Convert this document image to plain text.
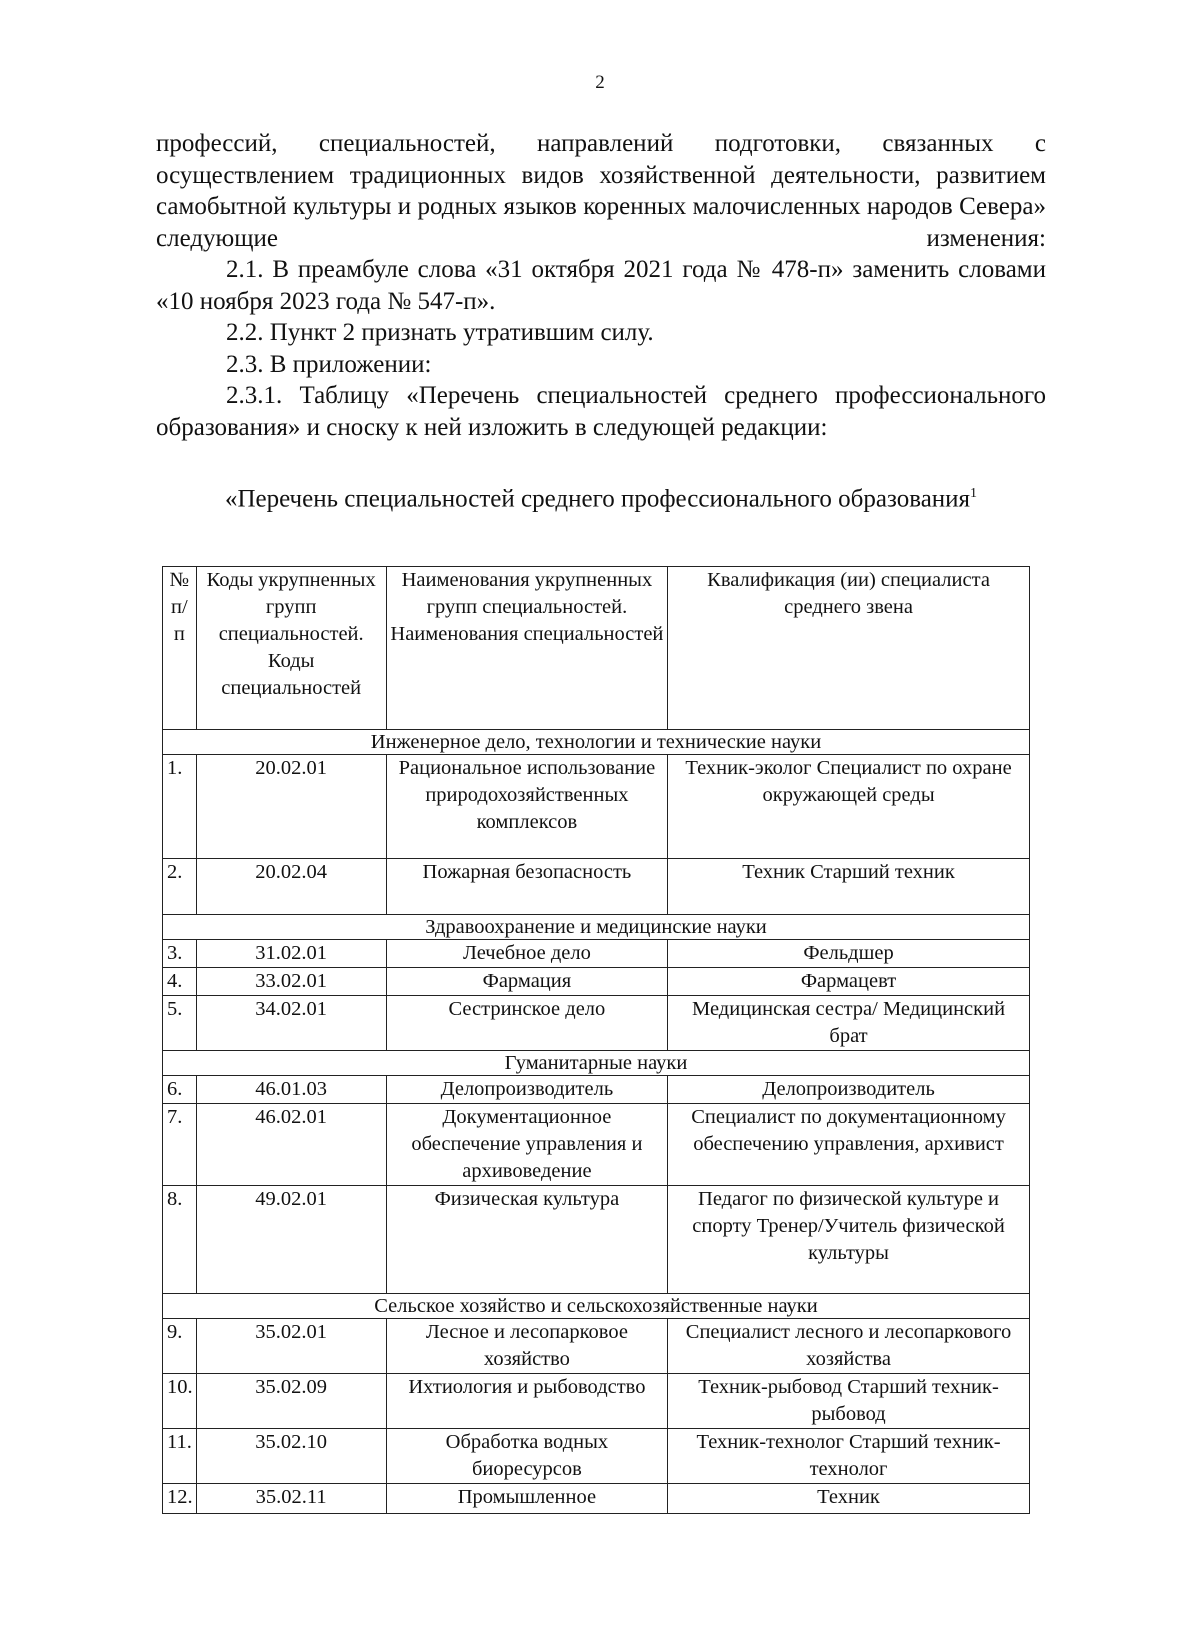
2

профессий, специальностей, направлений подготовки, связанных с осуществлением традиционных видов хозяйственной деятельности, развитием самобытной культуры и родных языков коренных малочисленных народов Севера» следующие изменения:

2.1. В преамбуле слова «31 октября 2021 года № 478-п» заменить словами «10 ноября 2023 года № 547-п».

2.2. Пункт 2 признать утратившим силу.

2.3. В приложении:

2.3.1. Таблицу «Перечень специальностей среднего профессионального образования» и сноску к ней изложить в следующей редакции:

«Перечень специальностей среднего профессионального образования$^1$
№ п/п	Коды укрупненных групп специальностей. Коды специальностей	Наименования укрупненных групп специальностей. Наименования специальностей	Квалификация (ии) специалиста среднего звена
Инженерное дело, технологии и технические науки			
1.	20.02.01	Рациональное использование природохозяйственных комплексов	Техник-эколог Специалист по охране окружающей среды
2.	20.02.04	Пожарная безопасность	Техник Старший техник
Здравоохранение и медицинские науки			
3.	31.02.01	Лечебное дело	Фельдшер
4.	33.02.01	Фармация	Фармацевт
5.	34.02.01	Сестринское дело	Медицинская сестра/ Медицинский брат
Гуманитарные науки			
6.	46.01.03	Делопроизводитель	Делопроизводитель
7.	46.02.01	Документационное обеспечение управления и архивоведение	Специалист по документационному обеспечению управления, архивист
8.	49.02.01	Физическая культура	Педагог по физической культуре и спорту Тренер/Учитель физической культуры
Сельское хозяйство и сельскохозяйственные науки			
9.	35.02.01	Лесное и лесопарковое хозяйство	Специалист лесного и лесопаркового хозяйства
10.	35.02.09	Ихтиология и рыбоводство	Техник-рыбовод Старший техник-рыбовод
11.	35.02.10	Обработка водных биоресурсов	Техник-технолог Старший техник-технолог
12.	35.02.11	Промышленное	Техник
